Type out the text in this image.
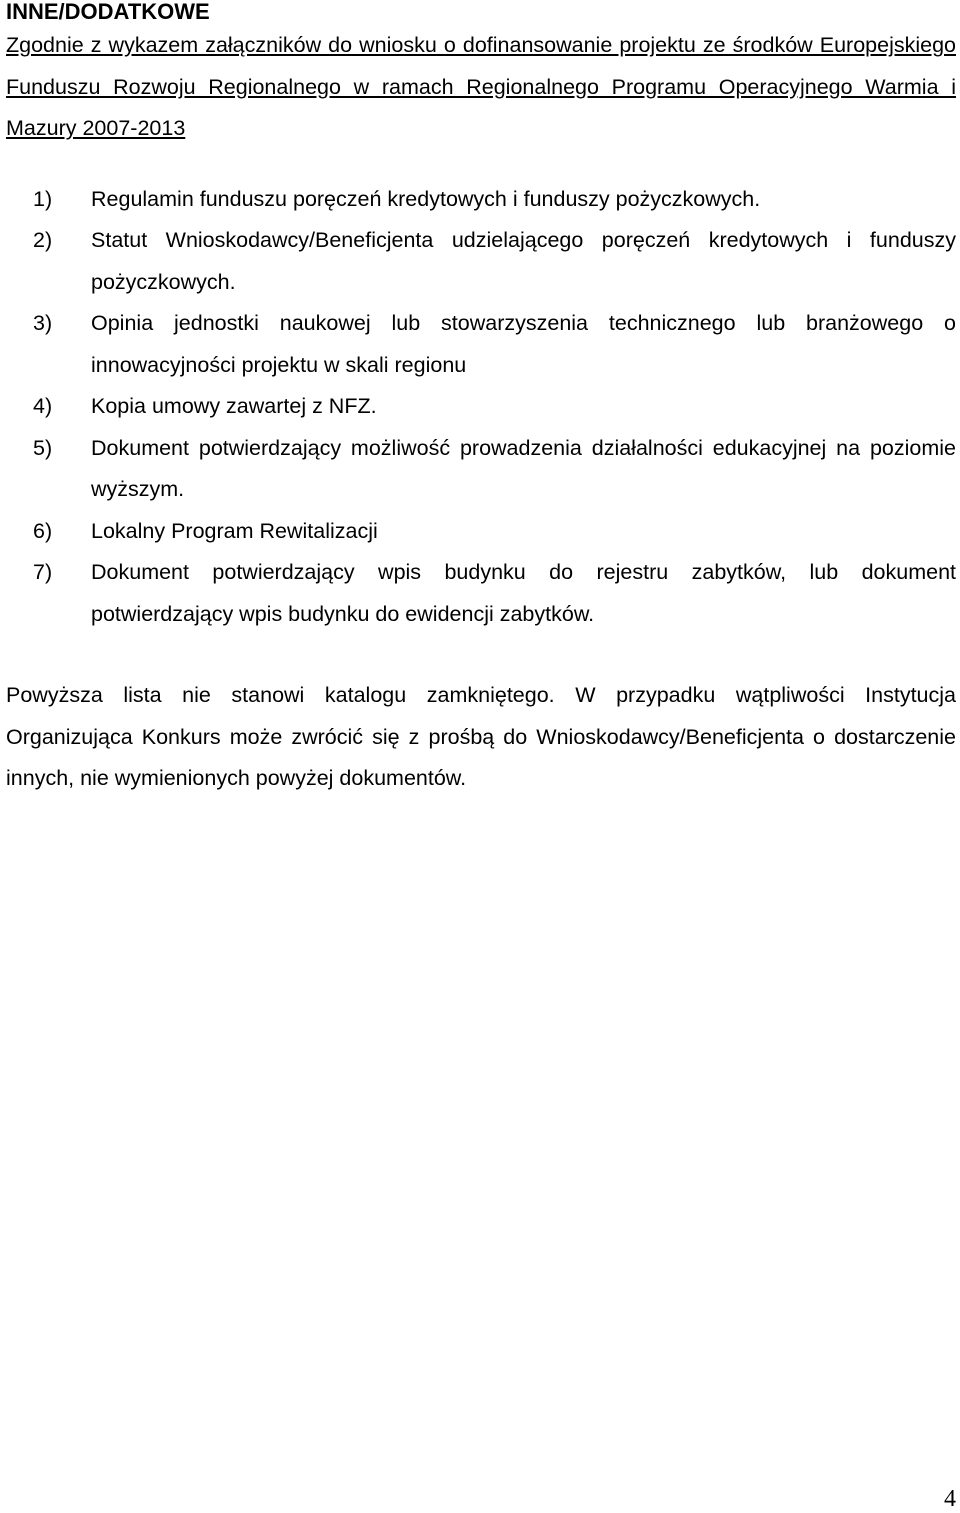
INNE/DODATKOWE
Zgodnie z wykazem załączników do wniosku o dofinansowanie projektu ze środków Europejskiego Funduszu Rozwoju Regionalnego w ramach Regionalnego Programu Operacyjnego Warmia i Mazury 2007-2013
1)	Regulamin funduszu poręczeń kredytowych i funduszy pożyczkowych.
2)	Statut Wnioskodawcy/Beneficjenta udzielającego poręczeń kredytowych i funduszy pożyczkowych.
3)	Opinia jednostki naukowej lub stowarzyszenia technicznego lub branżowego o innowacyjności projektu w skali regionu
4)	Kopia umowy zawartej z NFZ.
5)	Dokument potwierdzający możliwość prowadzenia działalności edukacyjnej na poziomie wyższym.
6)	Lokalny Program Rewitalizacji
7)	Dokument potwierdzający wpis budynku do rejestru zabytków, lub dokument potwierdzający wpis budynku do ewidencji zabytków.
Powyższa lista nie stanowi katalogu zamkniętego. W przypadku wątpliwości Instytucja Organizująca Konkurs może zwrócić się z prośbą do Wnioskodawcy/Beneficjenta o dostarczenie innych, nie wymienionych powyżej dokumentów.
4
